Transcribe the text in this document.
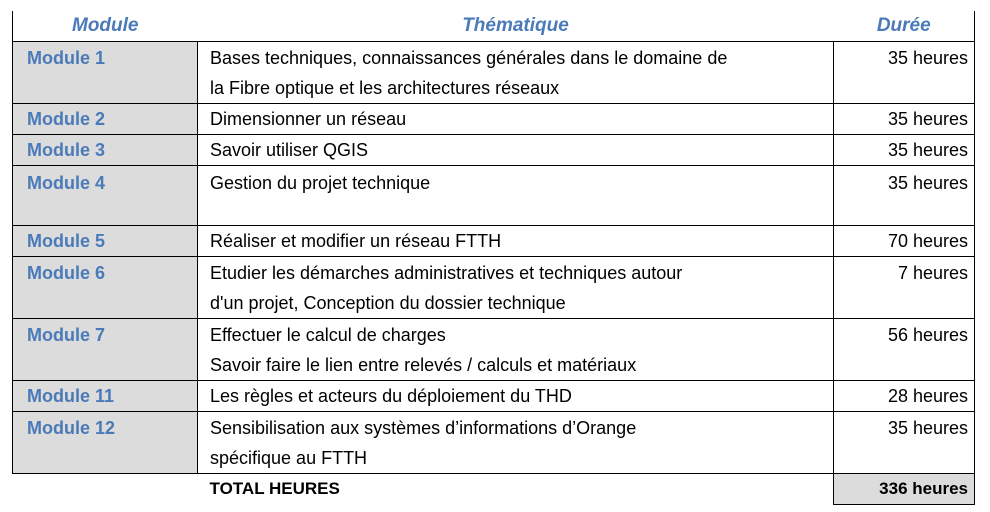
Module	Thématique	Durée
Module 1	Bases techniques, connaissances générales dans le domaine de
la Fibre optique et les architectures réseaux	35 heures
Module 2	Dimensionner un réseau	35 heures
Module 3	Savoir utiliser QGIS	35 heures
Module 4	Gestion du projet technique	35 heures
Module 5	Réaliser et modifier un réseau FTTH	70 heures
Module 6	Etudier les démarches administratives et techniques autour
d'un projet, Conception du dossier technique	7 heures
Module 7	Effectuer le calcul de charges
Savoir faire le lien entre relevés / calculs et matériaux	56 heures
Module 11	Les règles et acteurs du déploiement du THD	28 heures
Module 12	Sensibilisation aux systèmes d’informations d’Orange
spécifique au FTTH	35 heures
	TOTAL HEURES	336 heures
